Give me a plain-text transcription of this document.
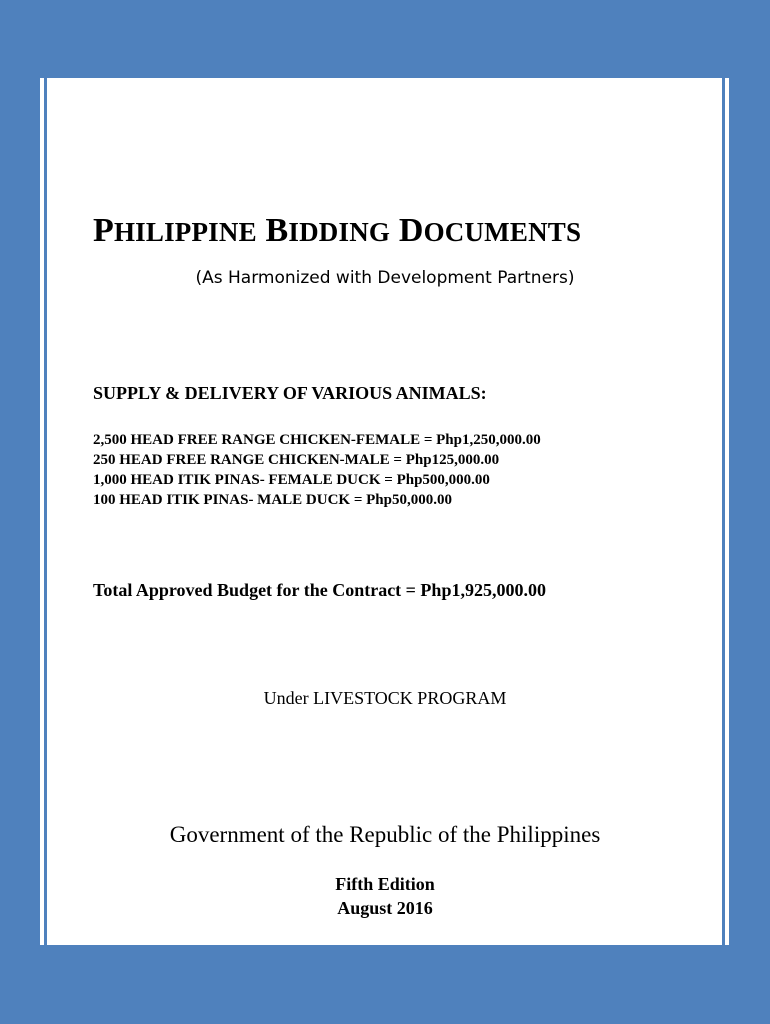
PHILIPPINE BIDDING DOCUMENTS
(As Harmonized with Development Partners)
SUPPLY & DELIVERY OF VARIOUS ANIMALS:
2,500 HEAD FREE RANGE CHICKEN-FEMALE = Php1,250,000.00
250 HEAD FREE RANGE CHICKEN-MALE = Php125,000.00
1,000 HEAD ITIK PINAS- FEMALE DUCK = Php500,000.00
100 HEAD ITIK PINAS- MALE DUCK = Php50,000.00
Total Approved Budget for the Contract = Php1,925,000.00
Under LIVESTOCK PROGRAM
Government of the Republic of the Philippines
Fifth Edition
August 2016
